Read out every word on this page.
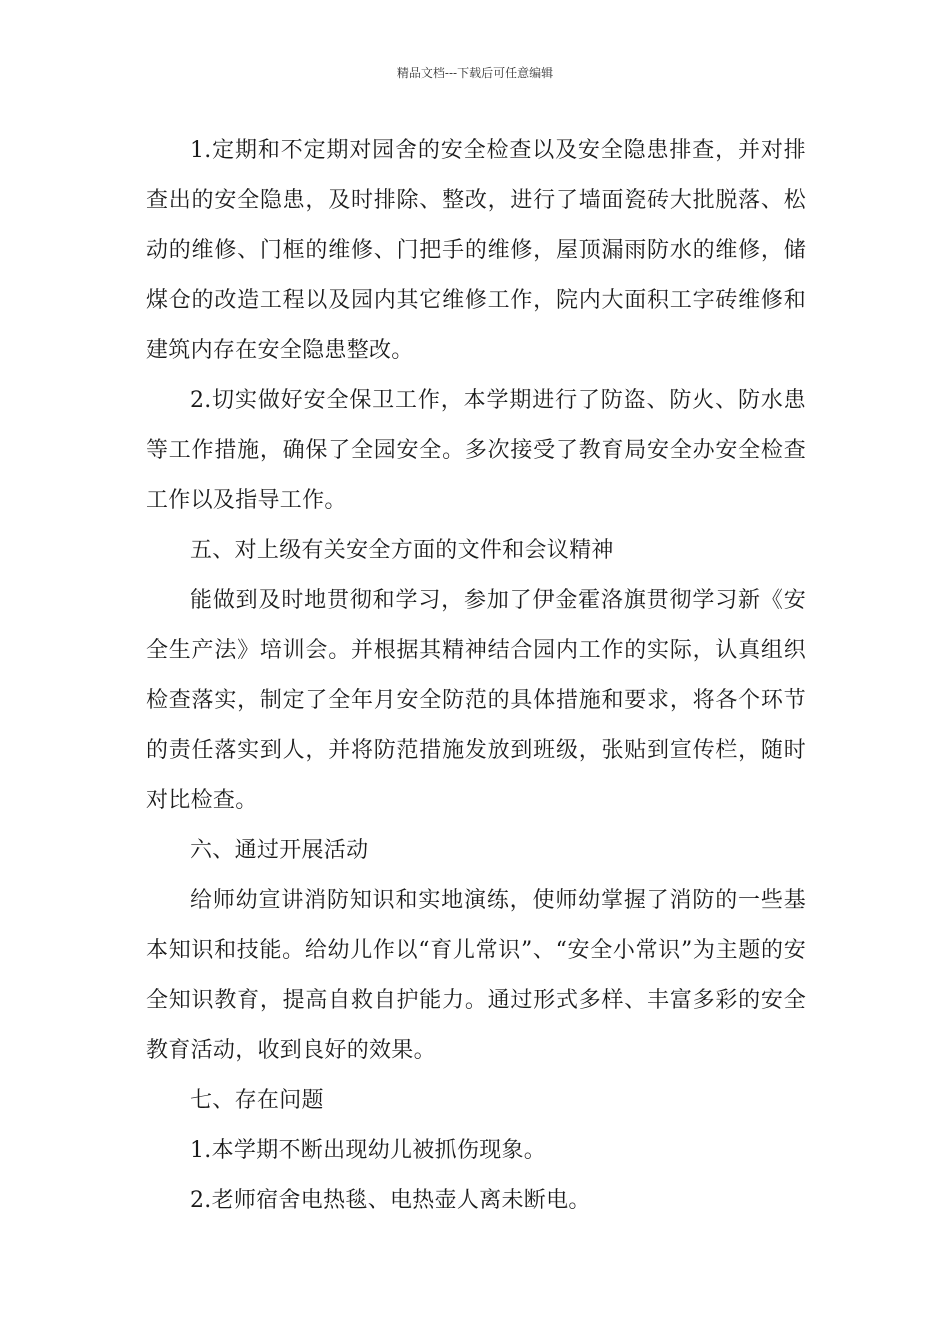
精品文档---下载后可任意编辑

1.定期和不定期对园舍的安全检查以及安全隐患排查，并对排查出的安全隐患，及时排除、整改，进行了墙面瓷砖大批脱落、松动的维修、门框的维修、门把手的维修，屋顶漏雨防水的维修，储煤仓的改造工程以及园内其它维修工作，院内大面积工字砖维修和建筑内存在安全隐患整改。

2.切实做好安全保卫工作，本学期进行了防盗、防火、防水患等工作措施，确保了全园安全。多次接受了教育局安全办安全检查工作以及指导工作。

五、对上级有关安全方面的文件和会议精神

能做到及时地贯彻和学习，参加了伊金霍洛旗贯彻学习新《安全生产法》培训会。并根据其精神结合园内工作的实际，认真组织检查落实，制定了全年月安全防范的具体措施和要求，将各个环节的责任落实到人，并将防范措施发放到班级，张贴到宣传栏，随时对比检查。

六、通过开展活动

给师幼宣讲消防知识和实地演练，使师幼掌握了消防的一些基本知识和技能。给幼儿作以“育儿常识”、“安全小常识”为主题的安全知识教育，提高自救自护能力。通过形式多样、丰富多彩的安全教育活动，收到良好的效果。

七、存在问题

1.本学期不断出现幼儿被抓伤现象。

2.老师宿舍电热毯、电热壶人离未断电。
